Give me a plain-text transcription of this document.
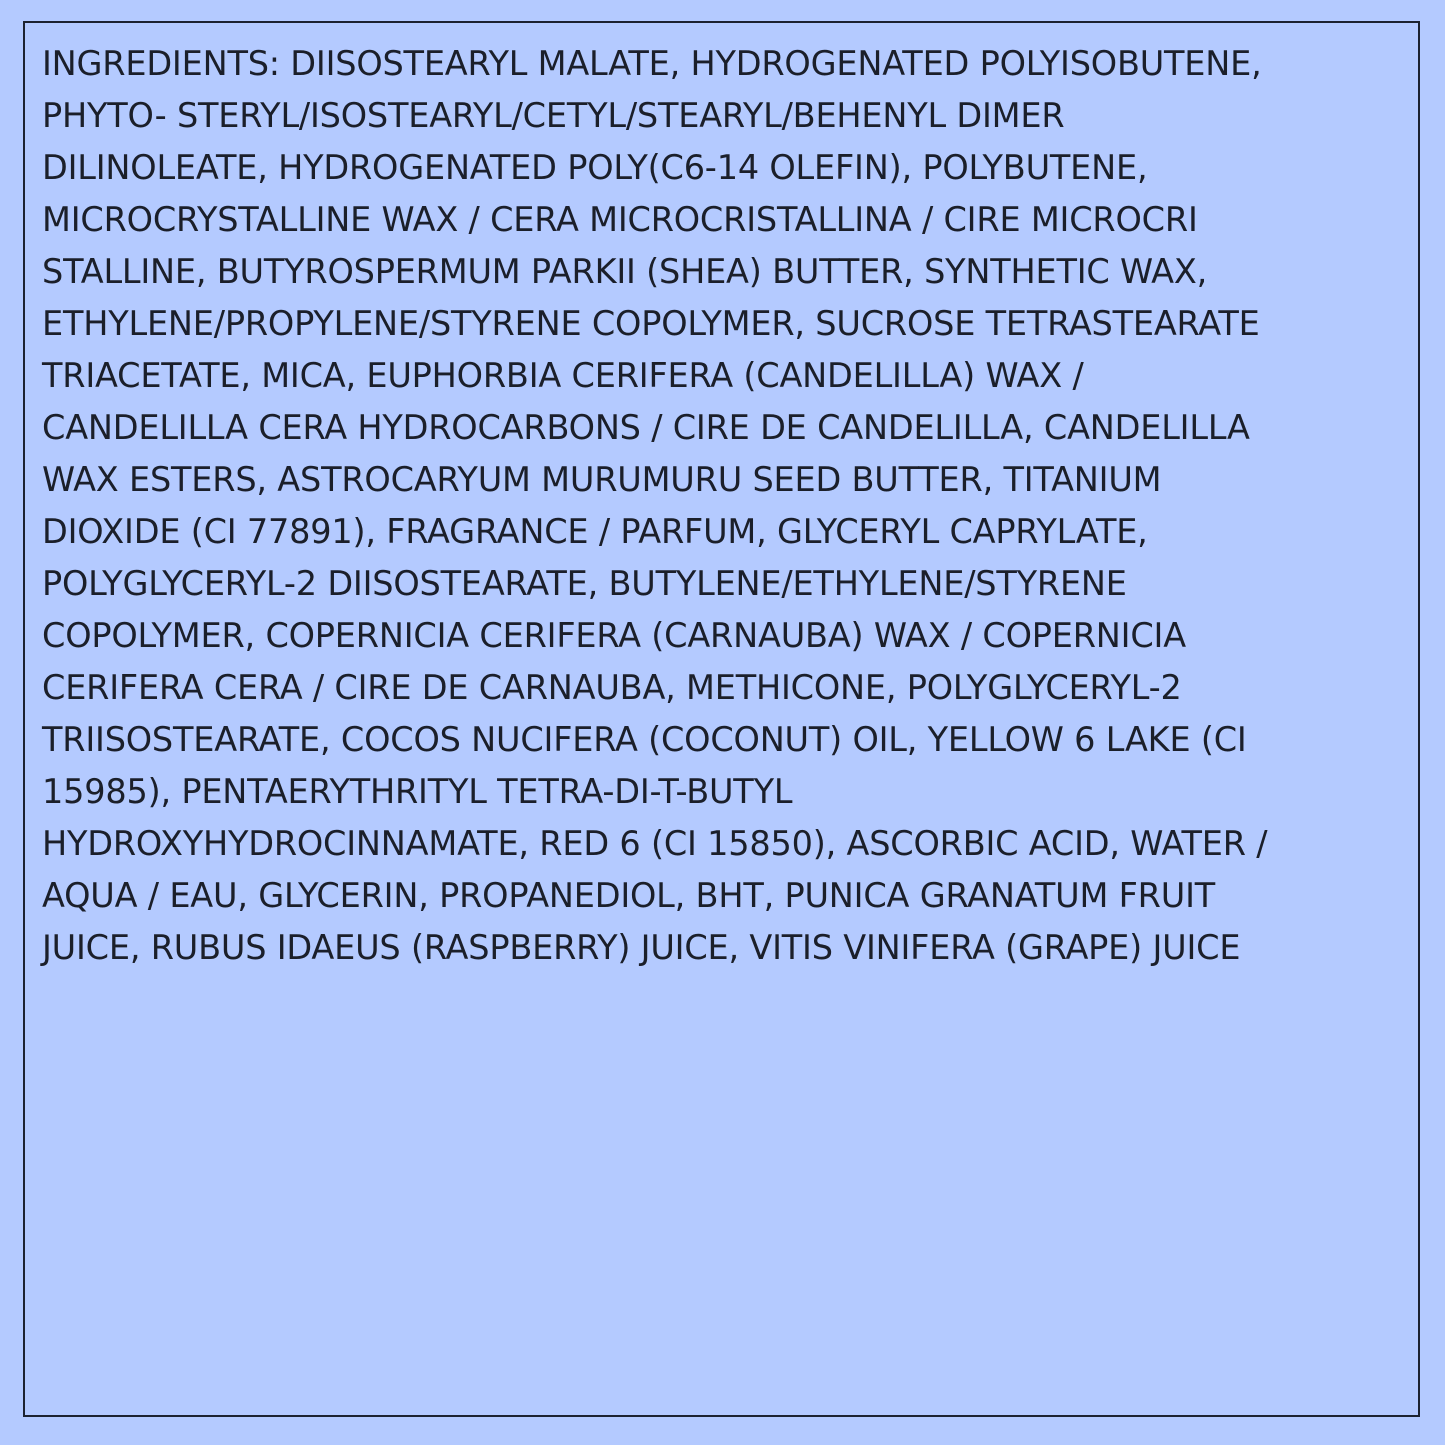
INGREDIENTS: DIISOSTEARYL MALATE, HYDROGENATED POLYISOBUTENE,
PHYTO- STERYL/ISOSTEARYL/CETYL/STEARYL/BEHENYL DIMER
DILINOLEATE, HYDROGENATED POLY(C6-14 OLEFIN), POLYBUTENE,
MICROCRYSTALLINE WAX / CERA MICROCRISTALLINA / CIRE MICROCRI
STALLINE, BUTYROSPERMUM PARKII (SHEA) BUTTER, SYNTHETIC WAX,
ETHYLENE/PROPYLENE/STYRENE COPOLYMER, SUCROSE TETRASTEARATE
TRIACETATE, MICA, EUPHORBIA CERIFERA (CANDELILLA) WAX /
CANDELILLA CERA HYDROCARBONS / CIRE DE CANDELILLA, CANDELILLA
WAX ESTERS, ASTROCARYUM MURUMURU SEED BUTTER, TITANIUM
DIOXIDE (CI 77891), FRAGRANCE / PARFUM, GLYCERYL CAPRYLATE,
POLYGLYCERYL-2 DIISOSTEARATE, BUTYLENE/ETHYLENE/STYRENE
COPOLYMER, COPERNICIA CERIFERA (CARNAUBA) WAX / COPERNICIA
CERIFERA CERA / CIRE DE CARNAUBA, METHICONE, POLYGLYCERYL-2
TRIISOSTEARATE, COCOS NUCIFERA (COCONUT) OIL, YELLOW 6 LAKE (CI
15985), PENTAERYTHRITYL TETRA-DI-T-BUTYL
HYDROXYHYDROCINNAMATE, RED 6 (CI 15850), ASCORBIC ACID, WATER /
AQUA / EAU, GLYCERIN, PROPANEDIOL, BHT, PUNICA GRANATUM FRUIT
JUICE, RUBUS IDAEUS (RASPBERRY) JUICE, VITIS VINIFERA (GRAPE) JUICE
